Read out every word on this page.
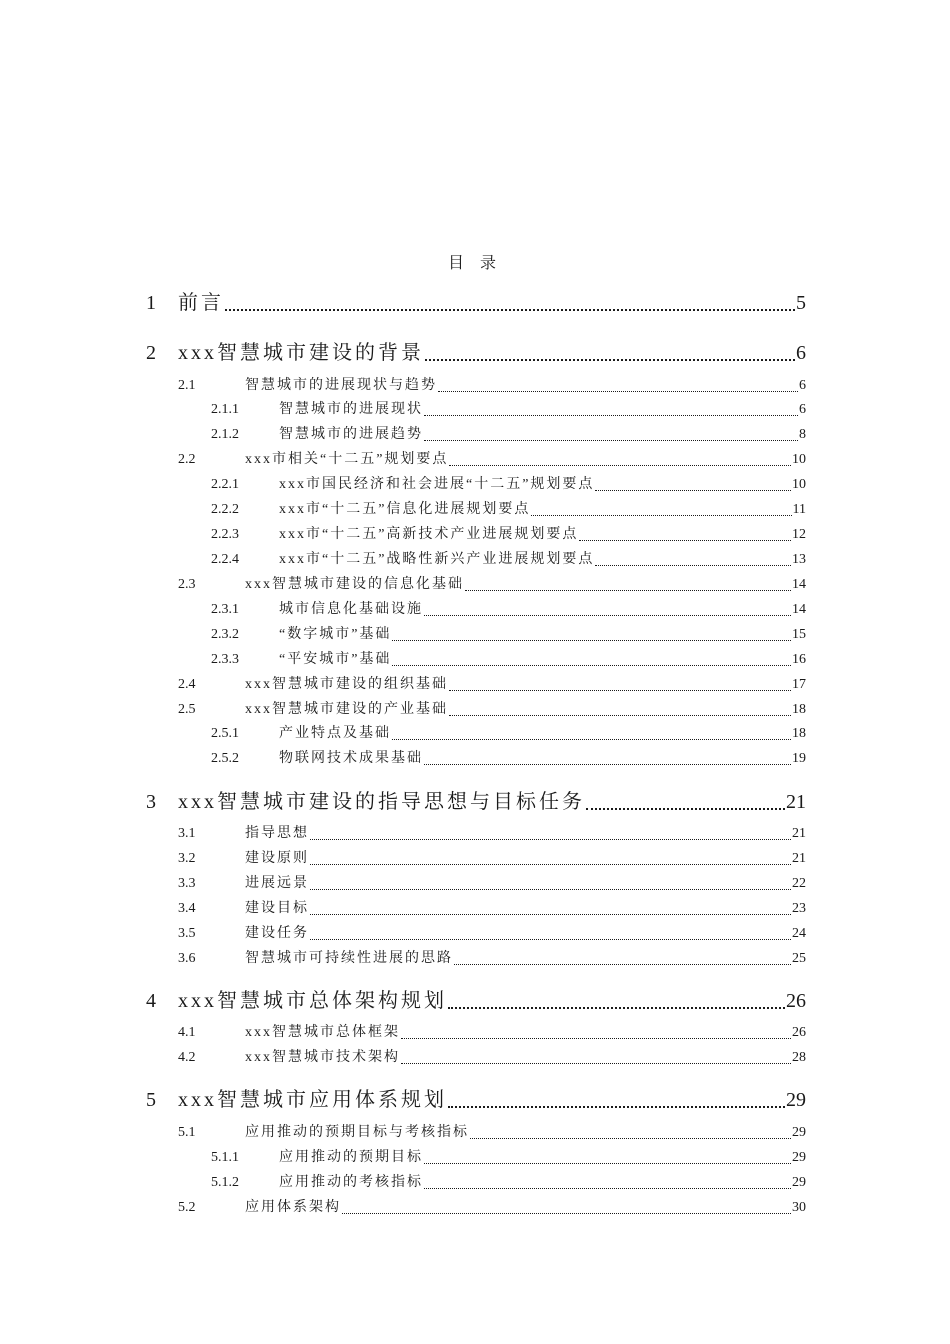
目 录
1	前言	5
2	xxx智慧城市建设的背景	6
2.1	智慧城市的进展现状与趋势	6
2.1.1	智慧城市的进展现状	6
2.1.2	智慧城市的进展趋势	8
2.2	xxx市相关“十二五”规划要点	10
2.2.1	xxx市国民经济和社会进展“十二五”规划要点	10
2.2.2	xxx市“十二五”信息化进展规划要点	11
2.2.3	xxx市“十二五”高新技术产业进展规划要点	12
2.2.4	xxx市“十二五”战略性新兴产业进展规划要点	13
2.3	xxx智慧城市建设的信息化基础	14
2.3.1	城市信息化基础设施	14
2.3.2	“数字城市”基础	15
2.3.3	“平安城市”基础	16
2.4	xxx智慧城市建设的组织基础	17
2.5	xxx智慧城市建设的产业基础	18
2.5.1	产业特点及基础	18
2.5.2	物联网技术成果基础	19
3	xxx智慧城市建设的指导思想与目标任务	21
3.1	指导思想	21
3.2	建设原则	21
3.3	进展远景	22
3.4	建设目标	23
3.5	建设任务	24
3.6	智慧城市可持续性进展的思路	25
4	xxx智慧城市总体架构规划	26
4.1	xxx智慧城市总体框架	26
4.2	xxx智慧城市技术架构	28
5	xxx智慧城市应用体系规划	29
5.1	应用推动的预期目标与考核指标	29
5.1.1	应用推动的预期目标	29
5.1.2	应用推动的考核指标	29
5.2	应用体系架构	30
